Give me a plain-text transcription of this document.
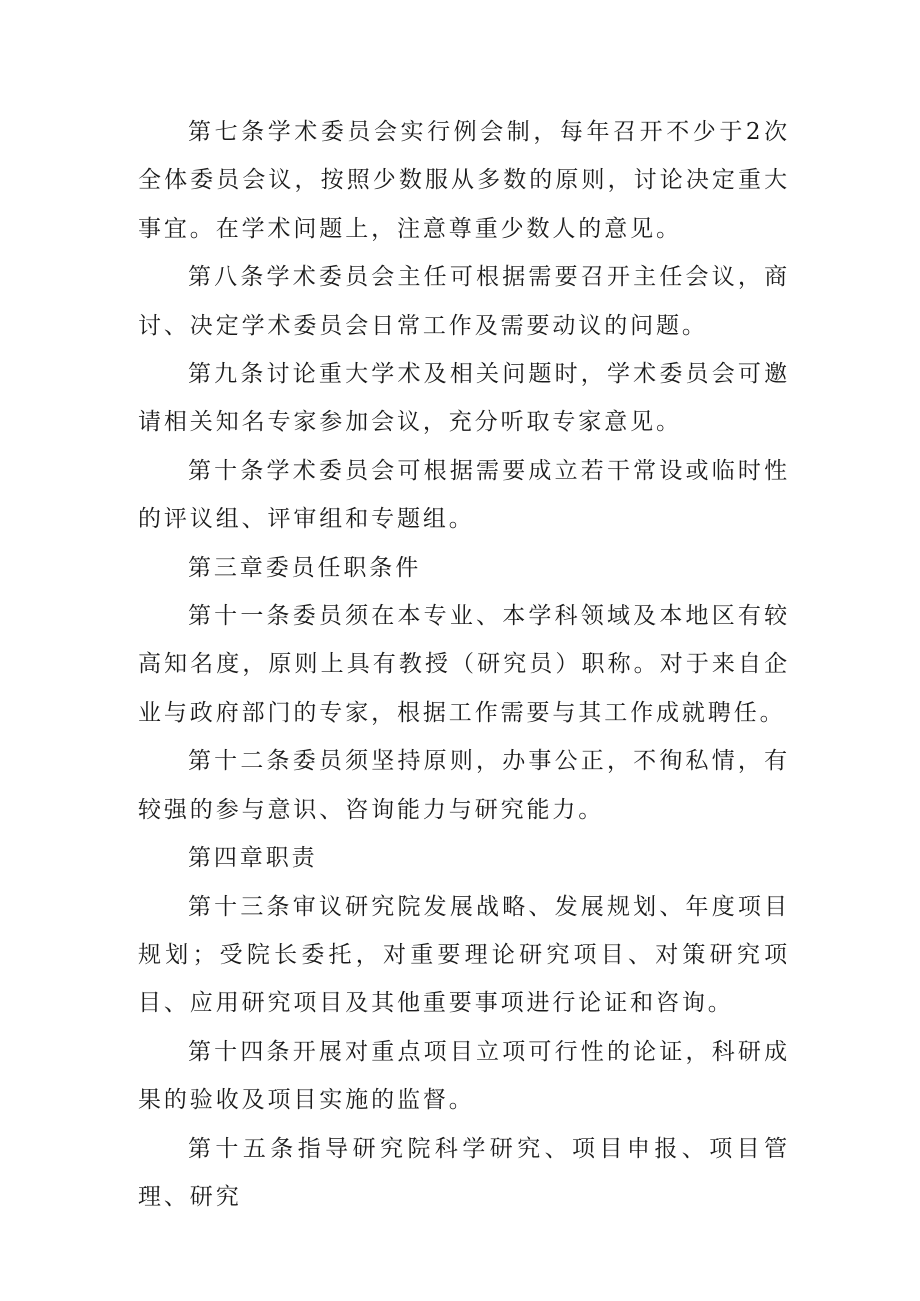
第七条学术委员会实行例会制，每年召开不少于2次全体委员会议，按照少数服从多数的原则，讨论决定重大事宜。在学术问题上，注意尊重少数人的意见。

第八条学术委员会主任可根据需要召开主任会议，商讨、决定学术委员会日常工作及需要动议的问题。

第九条讨论重大学术及相关问题时，学术委员会可邀请相关知名专家参加会议，充分听取专家意见。

第十条学术委员会可根据需要成立若干常设或临时性的评议组、评审组和专题组。

第三章委员任职条件

第十一条委员须在本专业、本学科领域及本地区有较高知名度，原则上具有教授（研究员）职称。对于来自企业与政府部门的专家，根据工作需要与其工作成就聘任。

第十二条委员须坚持原则，办事公正，不徇私情，有较强的参与意识、咨询能力与研究能力。

第四章职责

第十三条审议研究院发展战略、发展规划、年度项目规划；受院长委托，对重要理论研究项目、对策研究项目、应用研究项目及其他重要事项进行论证和咨询。

第十四条开展对重点项目立项可行性的论证，科研成果的验收及项目实施的监督。

第十五条指导研究院科学研究、项目申报、项目管理、研究
